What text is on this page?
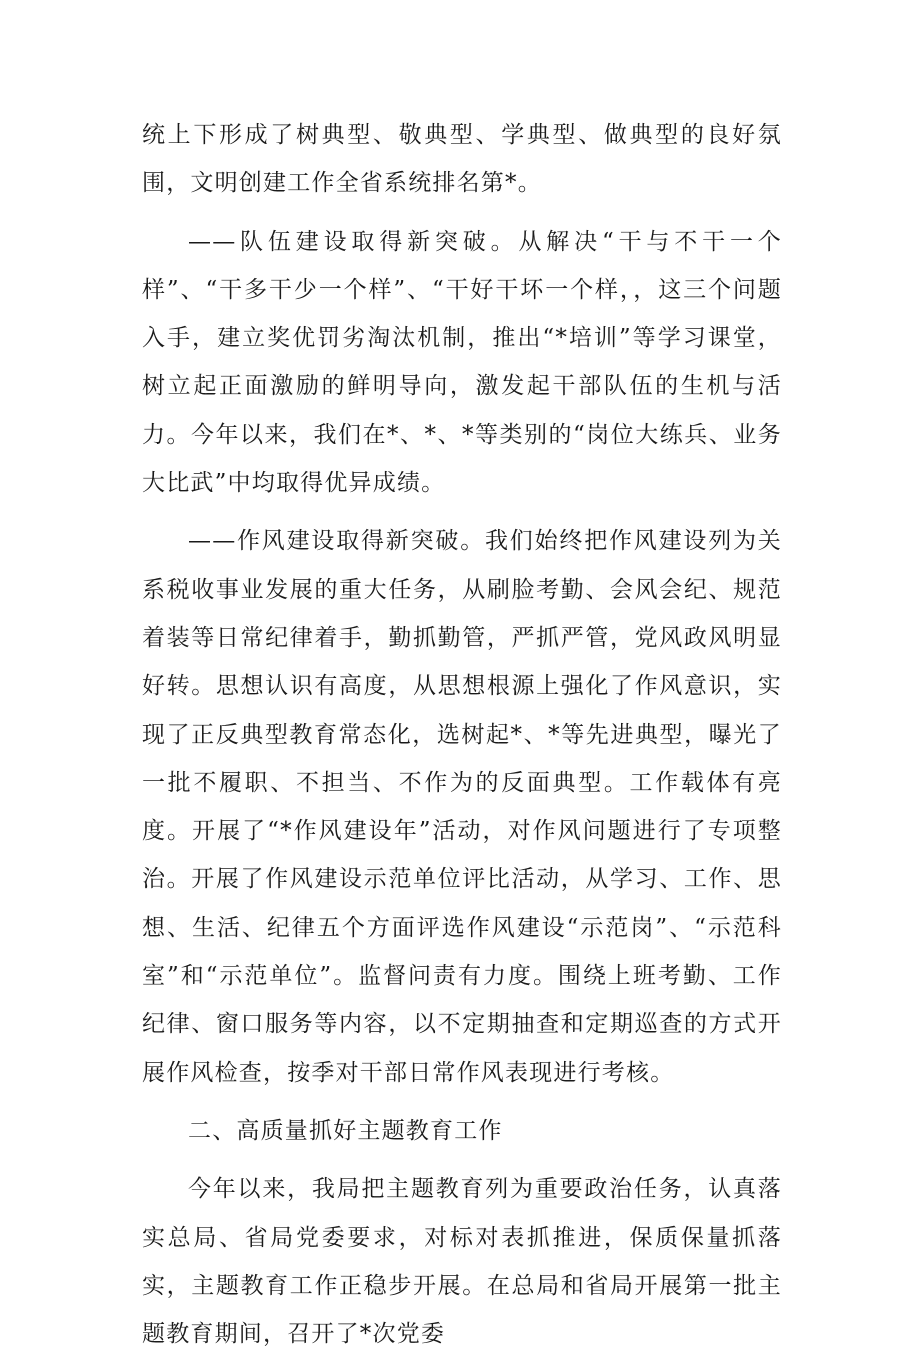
统上下形成了树典型、敬典型、学典型、做典型的良好氛围，文明创建工作全省系统排名第*。

——队伍建设取得新突破。从解决“干与不干一个样”、“干多干少一个样”、“干好干坏一个样，，这三个问题入手，建立奖优罚劣淘汰机制，推出“*培训”等学习课堂，树立起正面激励的鲜明导向，激发起干部队伍的生机与活力。今年以来，我们在*、*、*等类别的“岗位大练兵、业务大比武”中均取得优异成绩。

——作风建设取得新突破。我们始终把作风建设列为关系税收事业发展的重大任务，从刷脸考勤、会风会纪、规范着装等日常纪律着手，勤抓勤管，严抓严管，党风政风明显好转。思想认识有高度，从思想根源上强化了作风意识，实现了正反典型教育常态化，选树起*、*等先进典型，曝光了一批不履职、不担当、不作为的反面典型。工作载体有亮度。开展了“*作风建设年”活动，对作风问题进行了专项整治。开展了作风建设示范单位评比活动，从学习、工作、思想、生活、纪律五个方面评选作风建设“示范岗”、“示范科室”和“示范单位”。监督问责有力度。围绕上班考勤、工作纪律、窗口服务等内容，以不定期抽查和定期巡查的方式开展作风检查，按季对干部日常作风表现进行考核。

二、高质量抓好主题教育工作

今年以来，我局把主题教育列为重要政治任务，认真落实总局、省局党委要求，对标对表抓推进，保质保量抓落实，主题教育工作正稳步开展。在总局和省局开展第一批主题教育期间，召开了*次党委
